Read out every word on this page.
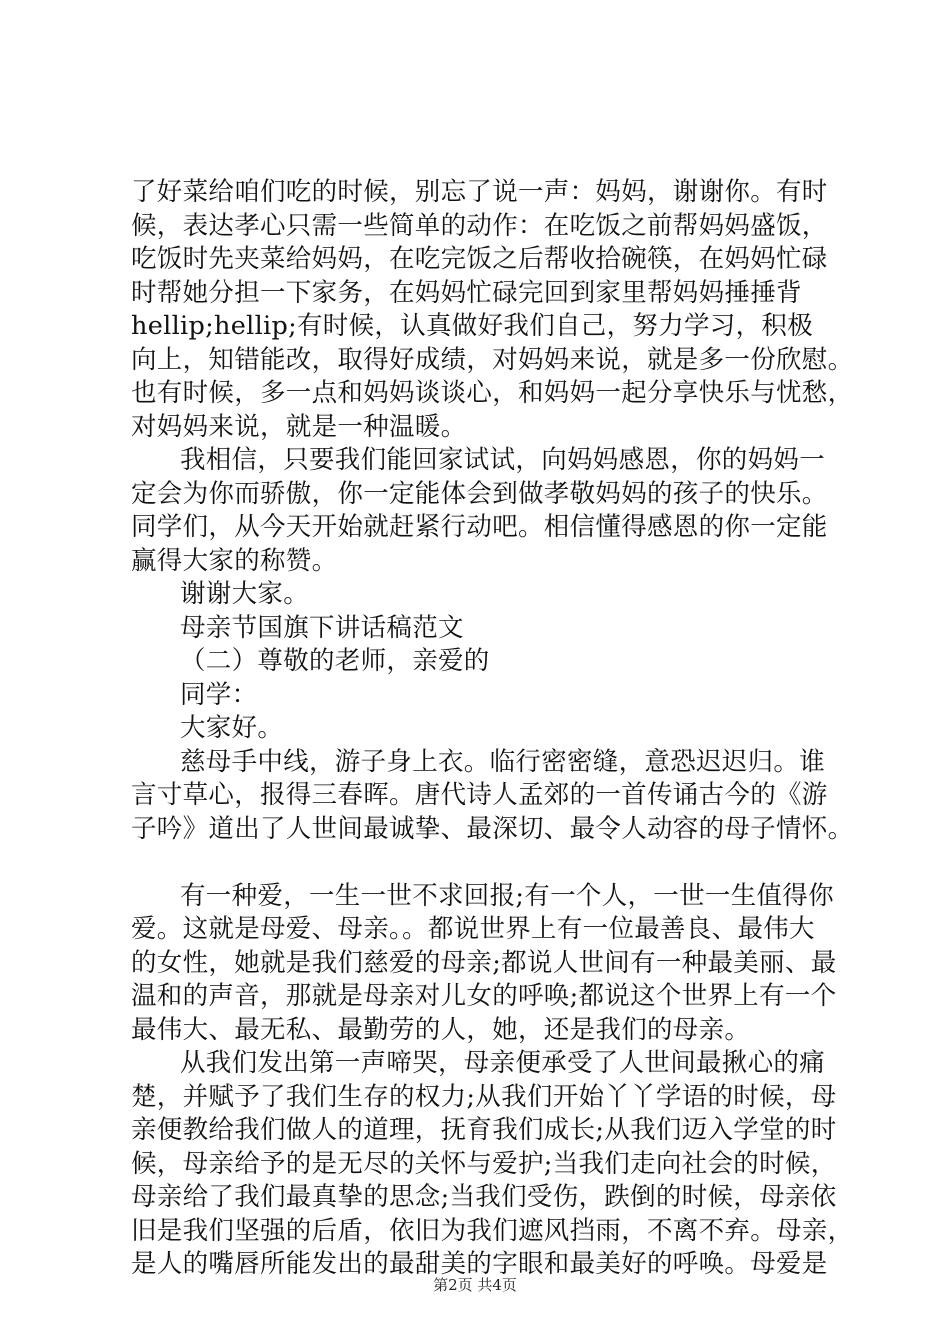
了好菜给咱们吃的时候，别忘了说一声：妈妈，谢谢你。有时
候，表达孝心只需一些简单的动作：在吃饭之前帮妈妈盛饭，
吃饭时先夹菜给妈妈，在吃完饭之后帮收拾碗筷，在妈妈忙碌
时帮她分担一下家务，在妈妈忙碌完回到家里帮妈妈捶捶背
hellip;hellip;有时候，认真做好我们自己，努力学习，积极
向上，知错能改，取得好成绩，对妈妈来说，就是多一份欣慰。
也有时候，多一点和妈妈谈谈心，和妈妈一起分享快乐与忧愁，
对妈妈来说，就是一种温暖。
我相信，只要我们能回家试试，向妈妈感恩，你的妈妈一
定会为你而骄傲，你一定能体会到做孝敬妈妈的孩子的快乐。
同学们，从今天开始就赶紧行动吧。相信懂得感恩的你一定能
赢得大家的称赞。
谢谢大家。
母亲节国旗下讲话稿范文
（二）尊敬的老师，亲爱的
同学：
大家好。
慈母手中线，游子身上衣。临行密密缝，意恐迟迟归。谁
言寸草心，报得三春晖。唐代诗人孟郊的一首传诵古今的《游
子吟》道出了人世间最诚挚、最深切、最令人动容的母子情怀。
有一种爱，一生一世不求回报;有一个人，一世一生值得你
爱。这就是母爱、母亲。。都说世界上有一位最善良、最伟大
的女性，她就是我们慈爱的母亲;都说人世间有一种最美丽、最
温和的声音，那就是母亲对儿女的呼唤;都说这个世界上有一个
最伟大、最无私、最勤劳的人，她，还是我们的母亲。
从我们发出第一声啼哭，母亲便承受了人世间最揪心的痛
楚，并赋予了我们生存的权力;从我们开始丫丫学语的时候，母
亲便教给我们做人的道理，抚育我们成长;从我们迈入学堂的时
候，母亲给予的是无尽的关怀与爱护;当我们走向社会的时候，
母亲给了我们最真挚的思念;当我们受伤，跌倒的时候，母亲依
旧是我们坚强的后盾，依旧为我们遮风挡雨，不离不弃。母亲，
是人的嘴唇所能发出的最甜美的字眼和最美好的呼唤。母爱是
第2页 共4页
